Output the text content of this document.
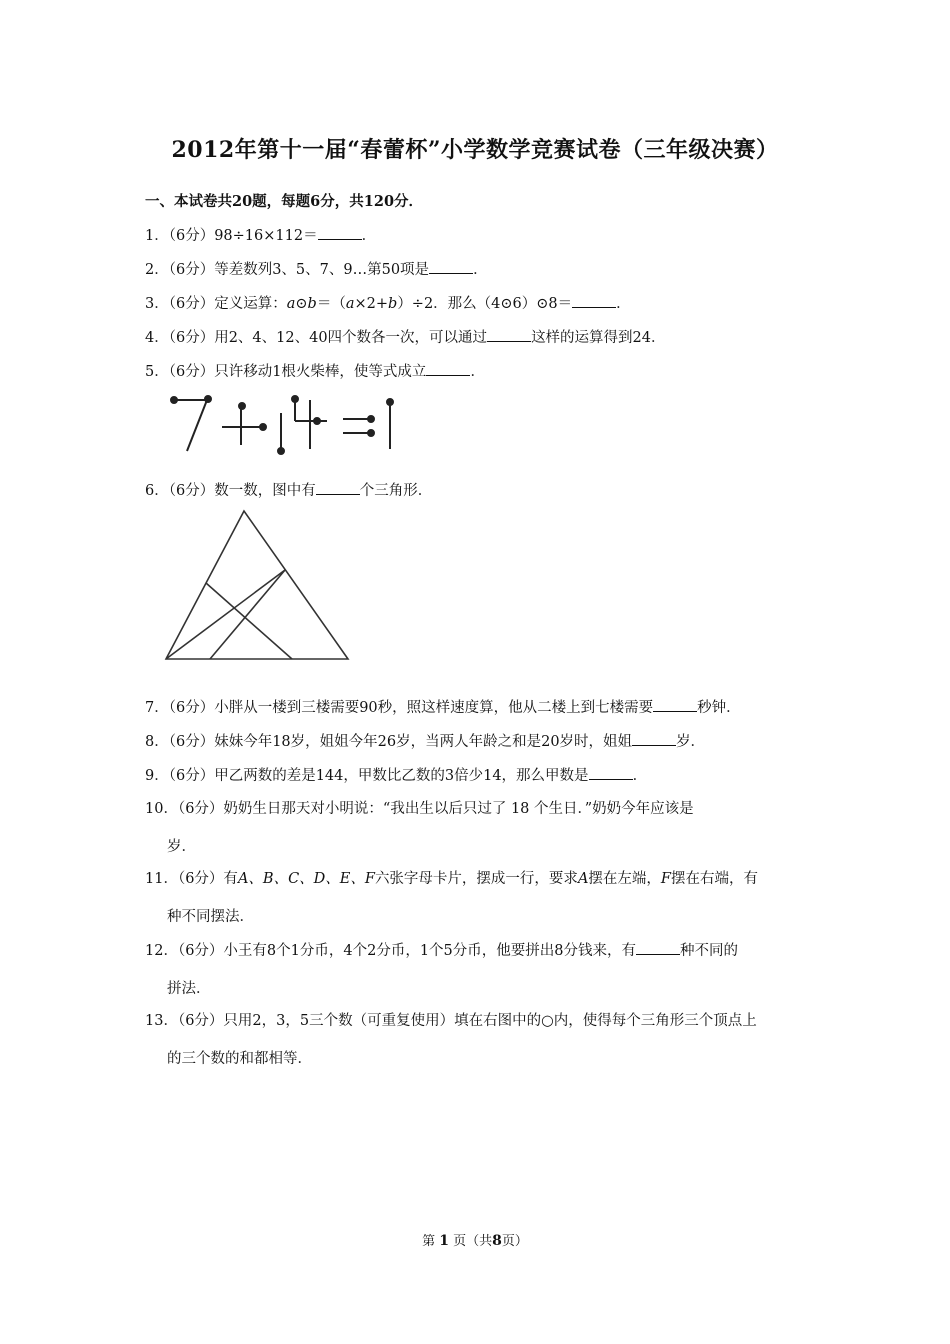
2012年第十一届“春蕾杯”小学数学竞赛试卷（三年级决赛）
一、本试卷共20题，每题6分，共120分．
1．（6分）98÷16×112＝	．
2．（6分）等差数列3、5、7、9…第50项是	．
3．（6分）定义运算：a⊙b＝（a×2+b）÷2．那么（4⊙6）⊙8＝	．
4．（6分）用2、4、12、40四个数各一次，可以通过	这样的运算得到24．
5．（6分）只许移动1根火柴棒，使等式成立	．
6．（6分）数一数，图中有	个三角形．
7．（6分）小胖从一楼到三楼需要90秒，照这样速度算，他从二楼上到七楼需要	秒钟．
8．（6分）妹妹今年18岁，姐姐今年26岁，当两人年龄之和是20岁时，姐姐	岁．
9．（6分）甲乙两数的差是144，甲数比乙数的3倍少14，那么甲数是	．
10．（6分）奶奶生日那天对小明说：“我出生以后只过了 18 个生日．”奶奶今年应该是
岁．
11．（6分）有A、B、C、D、E、F六张字母卡片，摆成一行，要求A摆在左端，F摆在右端，有
种不同摆法．
12．（6分）小王有8个1分币，4个2分币，1个5分币，他要拼出8分钱来，有	种不同的
拼法．
13．（6分）只用2，3，5三个数（可重复使用）填在右图中的○内，使得每个三角形三个顶点上
的三个数的和都相等．
第 1 页（共8页）
